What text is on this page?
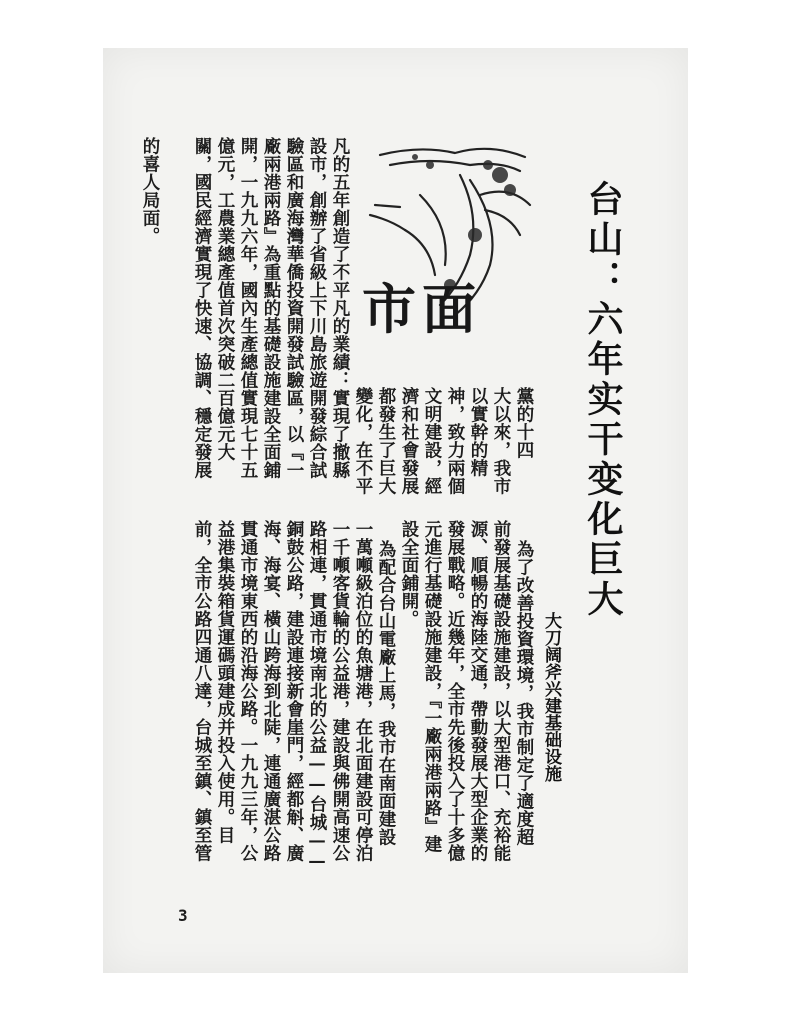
台山：六年实干变化巨大
大刀阔斧兴建基础设施
市面
黨的十四
大以來，我市
以實幹的精
神，致力兩個
文明建設，經
濟和社會發展
都發生了巨大
變化，在不平
凡的五年創造了不平凡的業績：實現了撤縣
設市，創辦了省級上下川島旅遊開發綜合試
驗區和廣海灣華僑投資開發試驗區，以『一
廠兩港兩路』為重點的基礎設施建設全面鋪
開，一九九六年，國內生產總值實現七十五
億元，工農業總產值首次突破二百億元大
關，國民經濟實現了快速、協調、穩定發展
的喜人局面。
為了改善投資環境，我市制定了適度超
前發展基礎設施建設，以大型港口、充裕能
源、順暢的海陸交通，帶動發展大型企業的
發展戰略。近幾年，全市先後投入了十多億
元進行基礎設施建設，『一廠兩港兩路』建
設全面鋪開。
為配合台山電廠上馬，我市在南面建設
一萬噸級泊位的魚塘港，在北面建設可停泊
一千噸客貨輪的公益港，建設與佛開高速公
路相連，貫通市境南北的公益——台城——
銅鼓公路，建設連接新會崖門，經都斛、廣
海、海宴、橫山跨海到北陡，連通廣湛公路
貫通市境東西的沿海公路。一九九三年，公
益港集裝箱貨運碼頭建成并投入使用。目
前，全市公路四通八達，台城至鎮、鎮至管
3
